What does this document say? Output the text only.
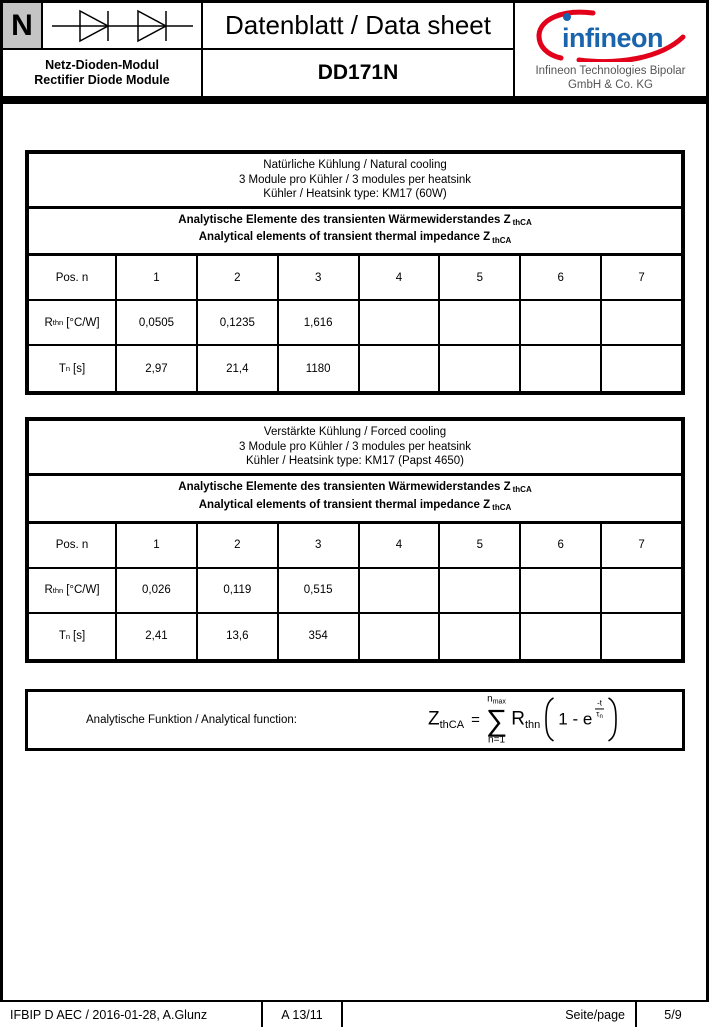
N
Netz-Dioden-Modul
Rectifier Diode Module
Datenblatt / Data sheet
DD171N
infineon
Infineon Technologies Bipolar
GmbH & Co. KG
Natürliche Kühlung / Natural cooling
3 Module pro Kühler / 3 modules per heatsink
Kühler / Heatsink type: KM17 (60W)
Analytische Elemente des transienten Wärmewiderstandes Z $_{thCA}$
Analytical elements of transient thermal impedance Z $_{thCA}$
Pos. n	1	2	3	4	5	6	7
R thn [°C/W]	0,0505	0,1235	1,616
T n [s]	2,97	21,4	1180
Verstärkte Kühlung / Forced cooling
3 Module pro Kühler / 3 modules per heatsink
Kühler / Heatsink type: KM17 (Papst 4650)
Analytische Elemente des transienten Wärmewiderstandes Z $_{thCA}$
Analytical elements of transient thermal impedance Z $_{thCA}$
Pos. n	1	2	3	4	5	6	7
R thn [°C/W]	0,026	0,119	0,515
T n [s]	2,41	13,6	354
Analytische Funktion / Analytical function:	$Z_{thCA}$ =
$n_{max}$
∑
n=1
$R_{thn}$ 1 - e $\frac{-t}{\tau_n}$
IFBIP D AEC / 2016-01-28, A.Glunz	A 13/11	Seite/page	5/9
